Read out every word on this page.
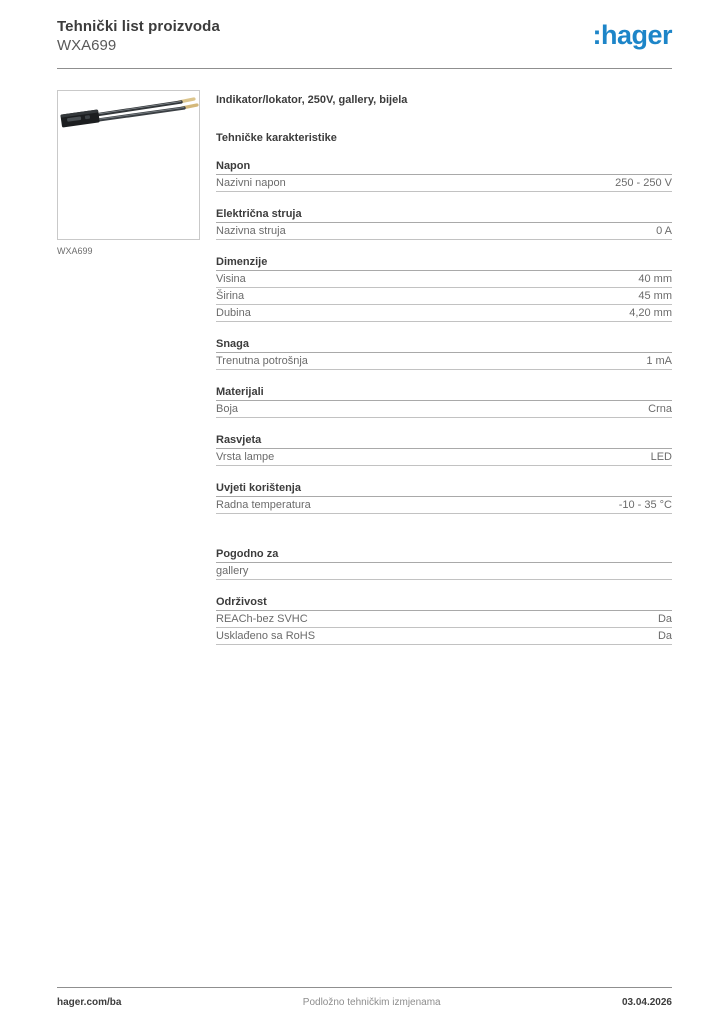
Tehnički list proizvoda
WXA699	:hager
WXA699
Indikator/lokator, 250V, gallery, bijela
Tehničke karakteristike
Napon
Nazivni napon	250 - 250 V
Električna struja
Nazivna struja	0 A
Dimenzije
Visina	40 mm
Širina	45 mm
Dubina	4,20 mm
Snaga
Trenutna potrošnja	1 mA
Materijali
Boja	Crna
Rasvjeta
Vrsta lampe	LED
Uvjeti korištenja
Radna temperatura	-10 - 35 °C
Pogodno za
gallery
Održivost
REACh-bez SVHC	Da
Usklađeno sa RoHS	Da
hager.com/ba	Podložno tehničkim izmjenama	03.04.2026
